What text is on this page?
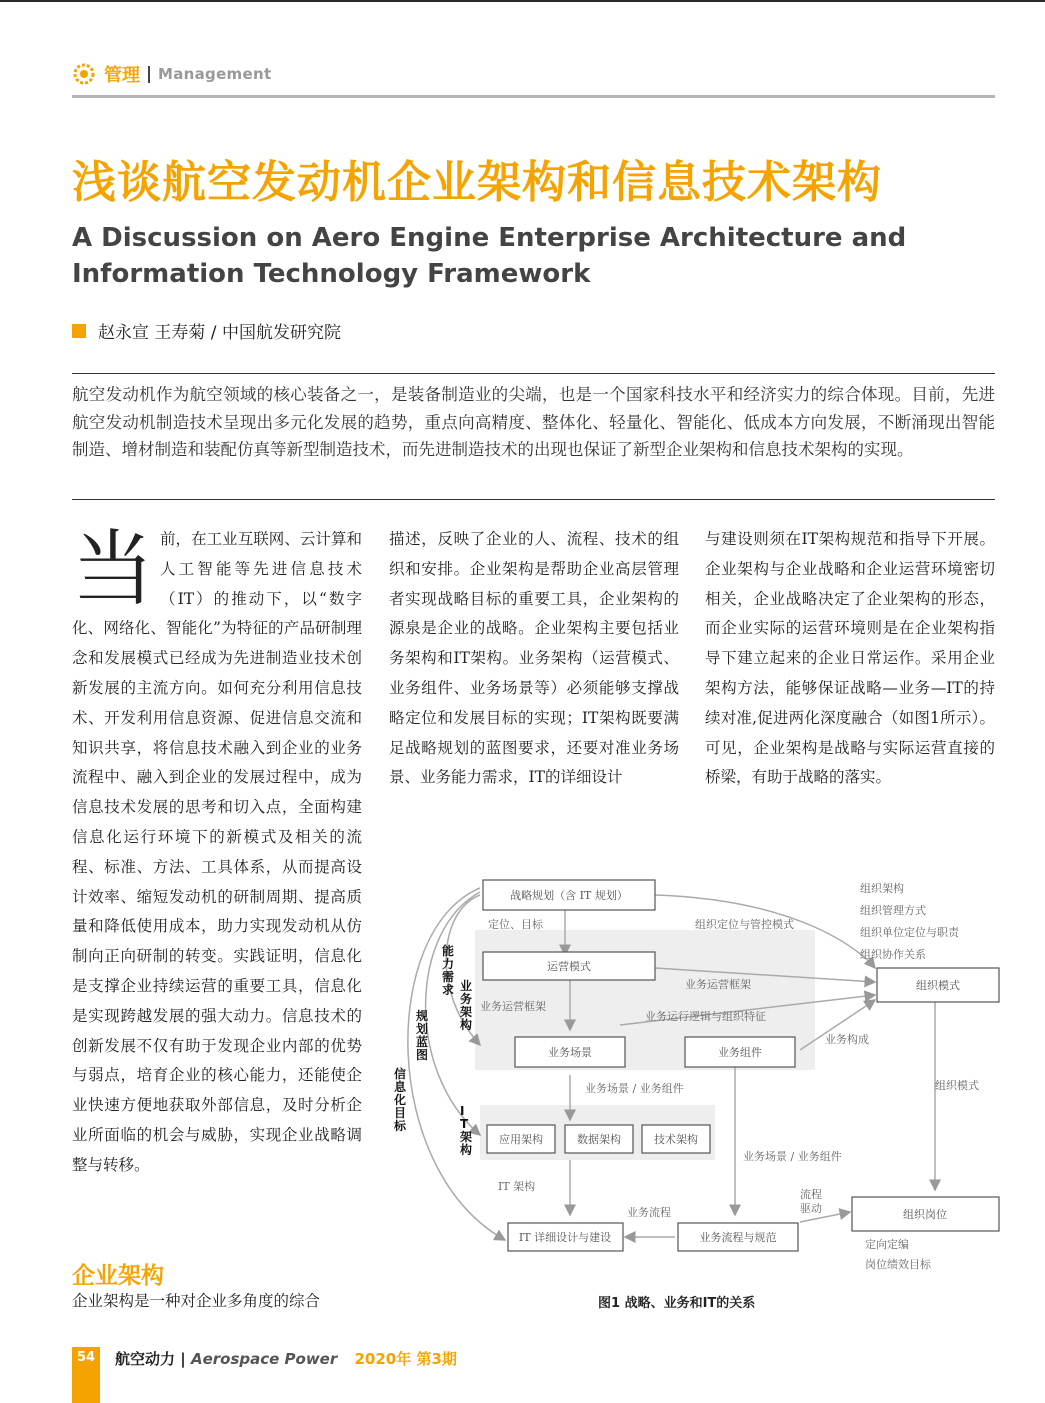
管理 Management
浅谈航空发动机企业架构和信息技术架构
A Discussion on Aero Engine Enterprise Architecture and Information Technology Framework
赵永宣 王寿菊 / 中国航发研究院
航空发动机作为航空领域的核心装备之一，是装备制造业的尖端，也是一个国家科技水平和经济实力的综合体现。目前，先进航空发动机制造技术呈现出多元化发展的趋势，重点向高精度、整体化、轻量化、智能化、低成本方向发展，不断涌现出智能制造、增材制造和装配仿真等新型制造技术，而先进制造技术的出现也保证了新型企业架构和信息技术架构的实现。
当前，在工业互联网、云计算和人工智能等先进信息技术（IT）的推动下，以“数字化、网络化、智能化”为特征的产品研制理念和发展模式已经成为先进制造业技术创新发展的主流方向。如何充分利用信息技术、开发利用信息资源、促进信息交流和知识共享，将信息技术融入到企业的业务流程中、融入到企业的发展过程中，成为信息技术发展的思考和切入点，全面构建信息化运行环境下的新模式及相关的流程、标准、方法、工具体系，从而提高设计效率、缩短发动机的研制周期、提高质量和降低使用成本，助力实现发动机从仿制向正向研制的转变。实践证明，信息化是支撑企业持续运营的重要工具，信息化是实现跨越发展的强大动力。信息技术的创新发展不仅有助于发现企业内部的优势与弱点，培育企业的核心能力，还能使企业快速方便地获取外部信息，及时分析企业所面临的机会与威胁，实现企业战略调整与转移。
描述，反映了企业的人、流程、技术的组织和安排。企业架构是帮助企业高层管理者实现战略目标的重要工具，企业架构的源泉是企业的战略。企业架构主要包括业务架构和IT架构。业务架构（运营模式、业务组件、业务场景等）必须能够支撑战略定位和发展目标的实现；IT架构既要满足战略规划的蓝图要求，还要对准业务场景、业务能力需求，IT的详细设计
与建设则须在IT架构规范和指导下开展。企业架构与企业战略和企业运营环境密切相关，企业战略决定了企业架构的形态，而企业实际的运营环境则是在企业架构指导下建立起来的企业日常运作。采用企业架构方法，能够保证战略—业务—IT的持续对准,促进两化深度融合（如图1所示）。可见，企业架构是战略与实际运营直接的桥梁，有助于战略的落实。
企业架构
企业架构是一种对企业多角度的综合
战略规划（含 IT 规划）
运营模式
业务场景	业务组件
应用架构	数据架构	技术架构
IT 详细设计与建设	业务流程与规范
组织模式
组织岗位
组织架构
组织管理方式
组织单位定位与职责
组织协作关系
定向定编
岗位绩效目标
定位、目标	组织定位与管控模式
业务运营框架
业务运营框架
业务运行逻辑与组织特征
业务构成
业务场景 / 业务组件
业务场景 / 业务组件
组织模式
IT 架构
业务流程
流程 驱动
能
力
需
求 业
务
架
构
规
划
蓝
图
信
息
化
目
标
I
T
架
构
图1 战略、业务和IT的关系
54	航空动力 | Aerospace Power 2020年 第3期
